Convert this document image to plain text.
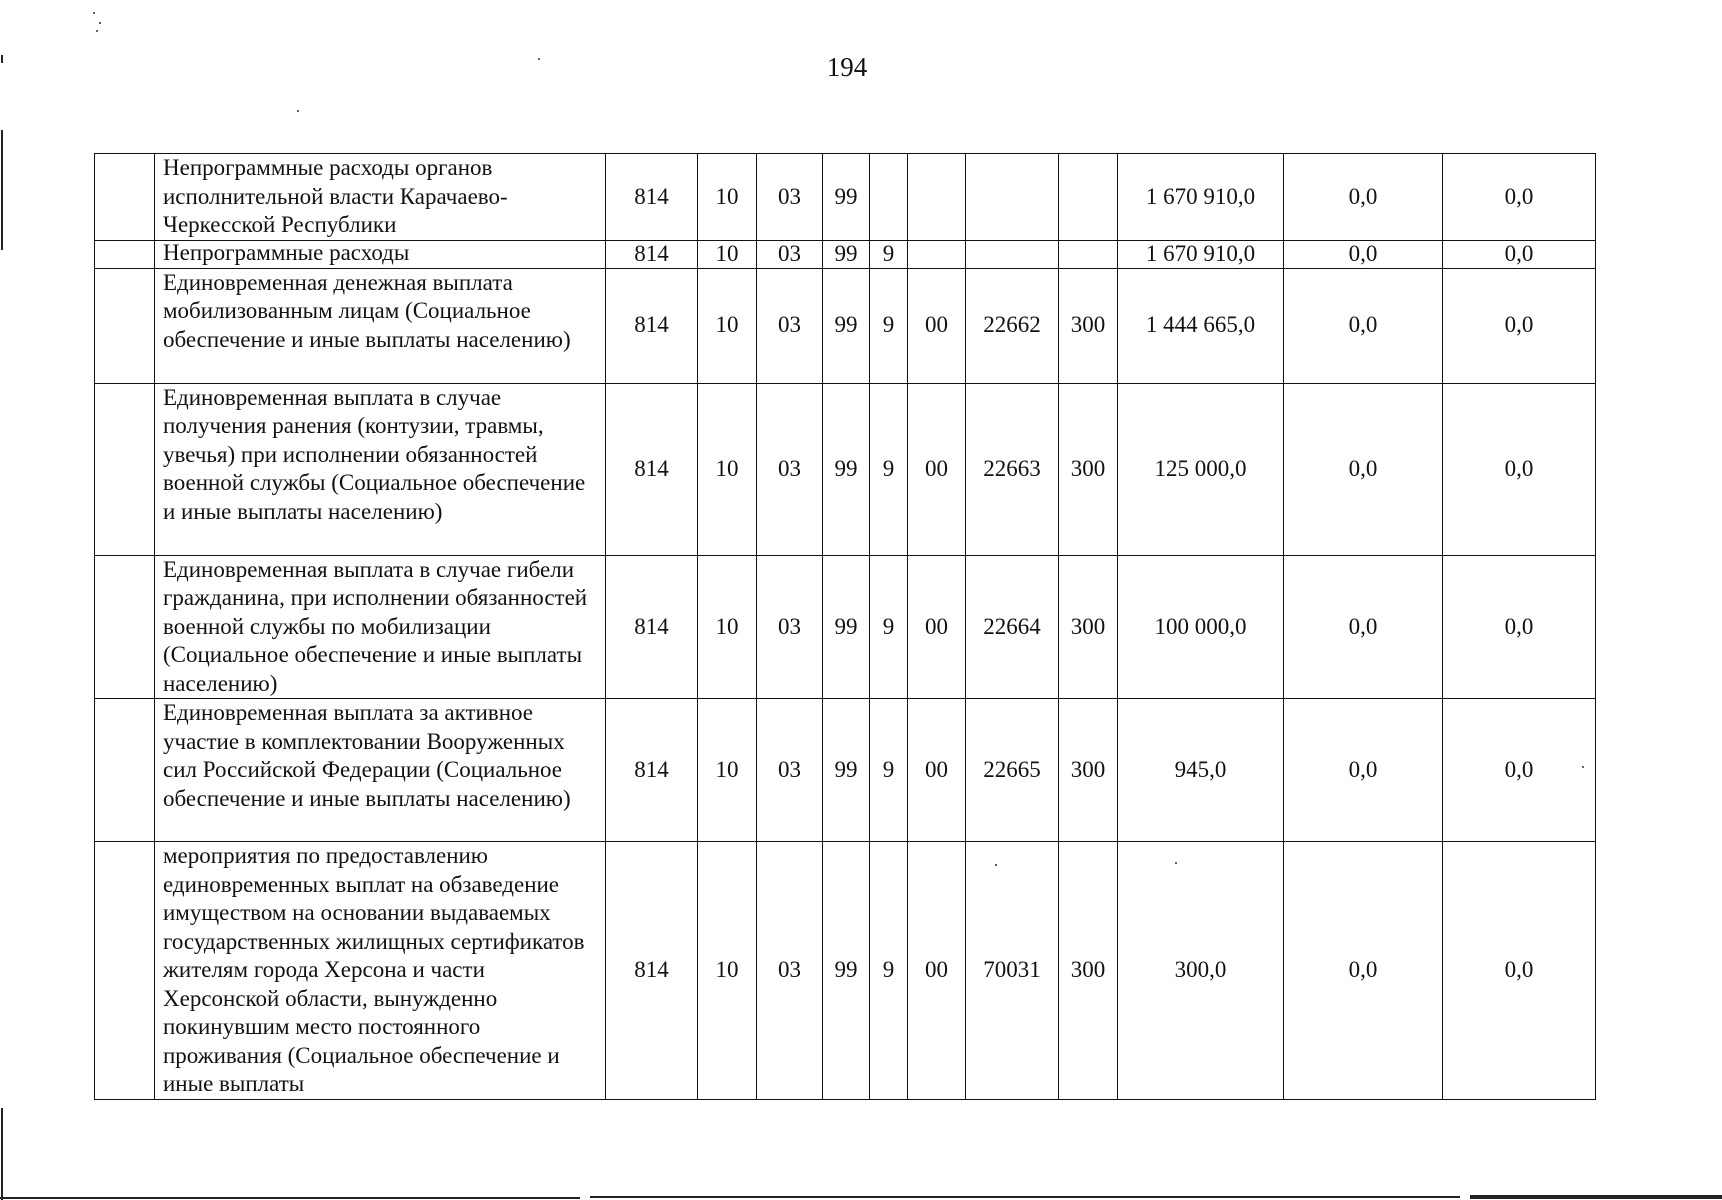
194
	Непрограммные расходы органов исполнительной власти Карачаево-Черкесской Республики	814	10	03	99					1 670 910,0	0,0	0,0
	Непрограммные расходы	814	10	03	99	9				1 670 910,0	0,0	0,0
	Единовременная денежная выплата мобилизованным лицам (Социальное обеспечение и иные выплаты населению)	814	10	03	99	9	00	22662	300	1 444 665,0	0,0	0,0
	Единовременная выплата в случае получения ранения (контузии, травмы, увечья) при исполнении обязанностей военной службы (Социальное обеспечение и иные выплаты населению)	814	10	03	99	9	00	22663	300	125 000,0	0,0	0,0
	Единовременная выплата в случае гибели гражданина, при исполнении обязанностей военной службы по мобилизации (Социальное обеспечение и иные выплаты населению)	814	10	03	99	9	00	22664	300	100 000,0	0,0	0,0
	Единовременная выплата за активное участие в комплектовании Вооруженных сил Российской Федерации (Социальное обеспечение и иные выплаты населению)	814	10	03	99	9	00	22665	300	945,0	0,0	0,0
	мероприятия по предоставлению единовременных выплат на обзаведение имуществом на основании выдаваемых государственных жилищных сертификатов жителям города Херсона и части Херсонской области, вынужденно покинувшим место постоянного проживания (Социальное обеспечение и иные выплаты	814	10	03	99	9	00	70031	300	300,0	0,0	0,0
